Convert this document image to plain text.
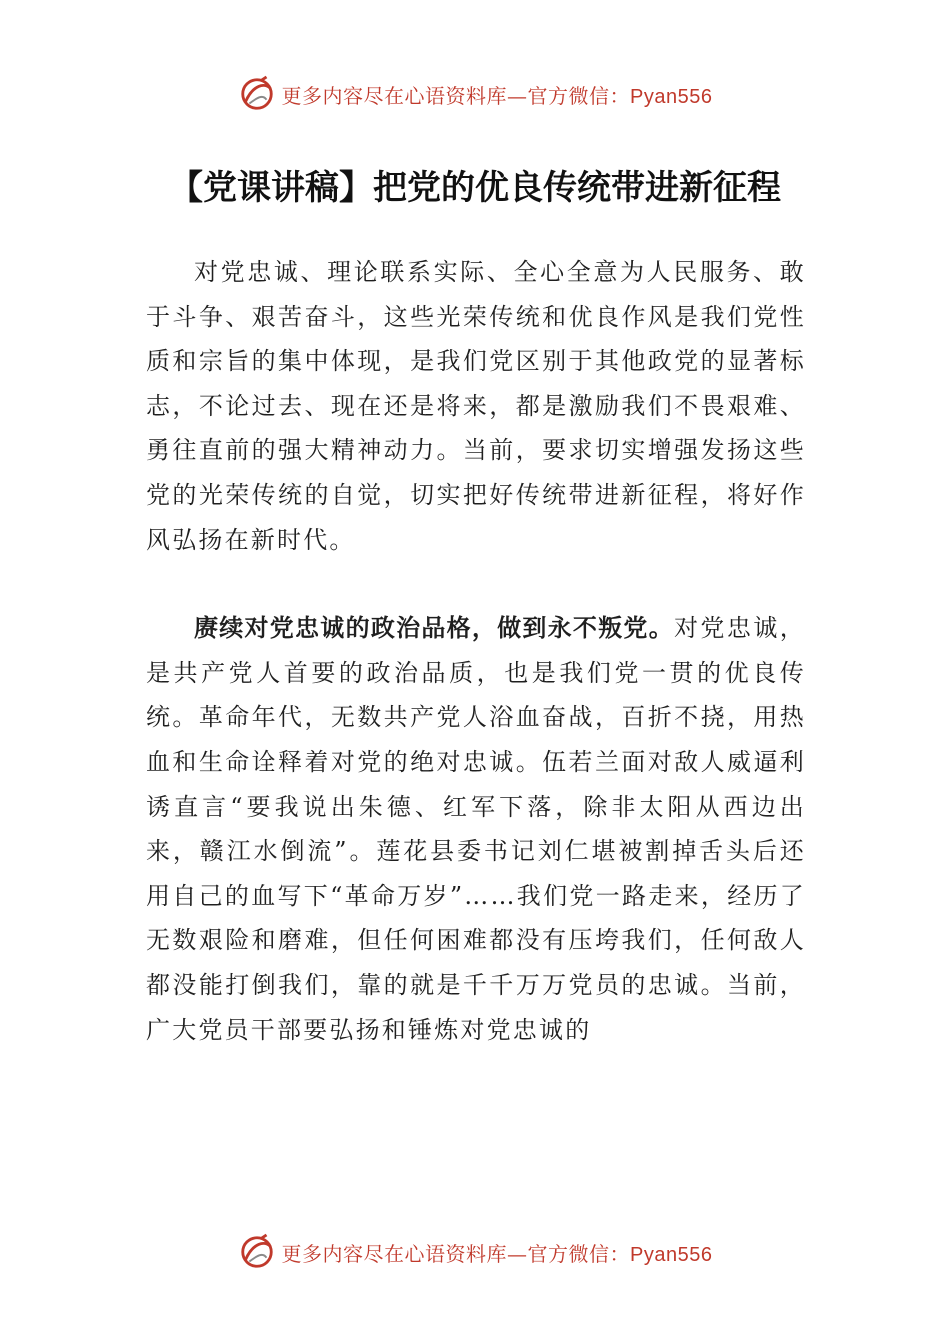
更多内容尽在心语资料库—官方微信：Pyan556
【党课讲稿】把党的优良传统带进新征程

对党忠诚、理论联系实际、全心全意为人民服务、敢于斗争、艰苦奋斗，这些光荣传统和优良作风是我们党性质和宗旨的集中体现，是我们党区别于其他政党的显著标志，不论过去、现在还是将来，都是激励我们不畏艰难、勇往直前的强大精神动力。当前，要求切实增强发扬这些党的光荣传统的自觉，切实把好传统带进新征程，将好作风弘扬在新时代。

赓续对党忠诚的政治品格，做到永不叛党。对党忠诚，是共产党人首要的政治品质，也是我们党一贯的优良传统。革命年代，无数共产党人浴血奋战，百折不挠，用热血和生命诠释着对党的绝对忠诚。伍若兰面对敌人威逼利诱直言“要我说出朱德、红军下落，除非太阳从西边出来，赣江水倒流”。莲花县委书记刘仁堪被割掉舌头后还用自己的血写下“革命万岁”……我们党一路走来，经历了无数艰险和磨难，但任何困难都没有压垮我们，任何敌人都没能打倒我们，靠的就是千千万万党员的忠诚。当前，广大党员干部要弘扬和锤炼对党忠诚的

更多内容尽在心语资料库—官方微信：Pyan556
